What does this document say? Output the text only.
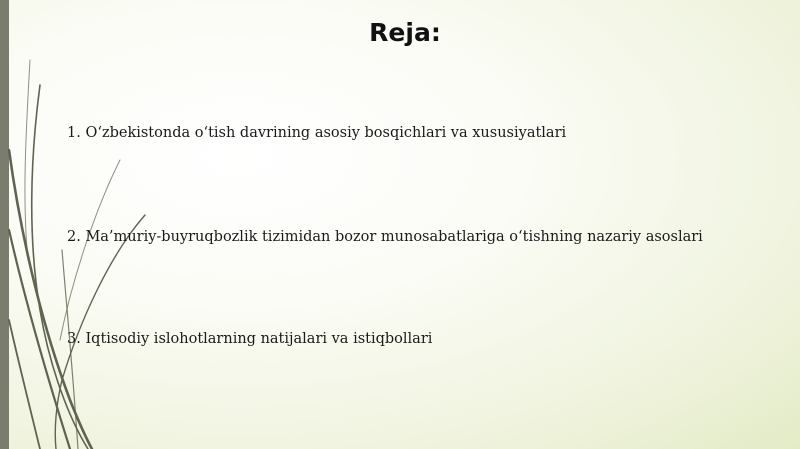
Reja:
1. O‘zbekistonda o‘tish davrining asosiy bosqichlari va xususiyatlari
2. Ma’muriy-buyruqbozlik tizimidan bozor munosabatlariga o‘tishning nazariy asoslari
3. Iqtisodiy islohotlarning natijalari va istiqbollari
